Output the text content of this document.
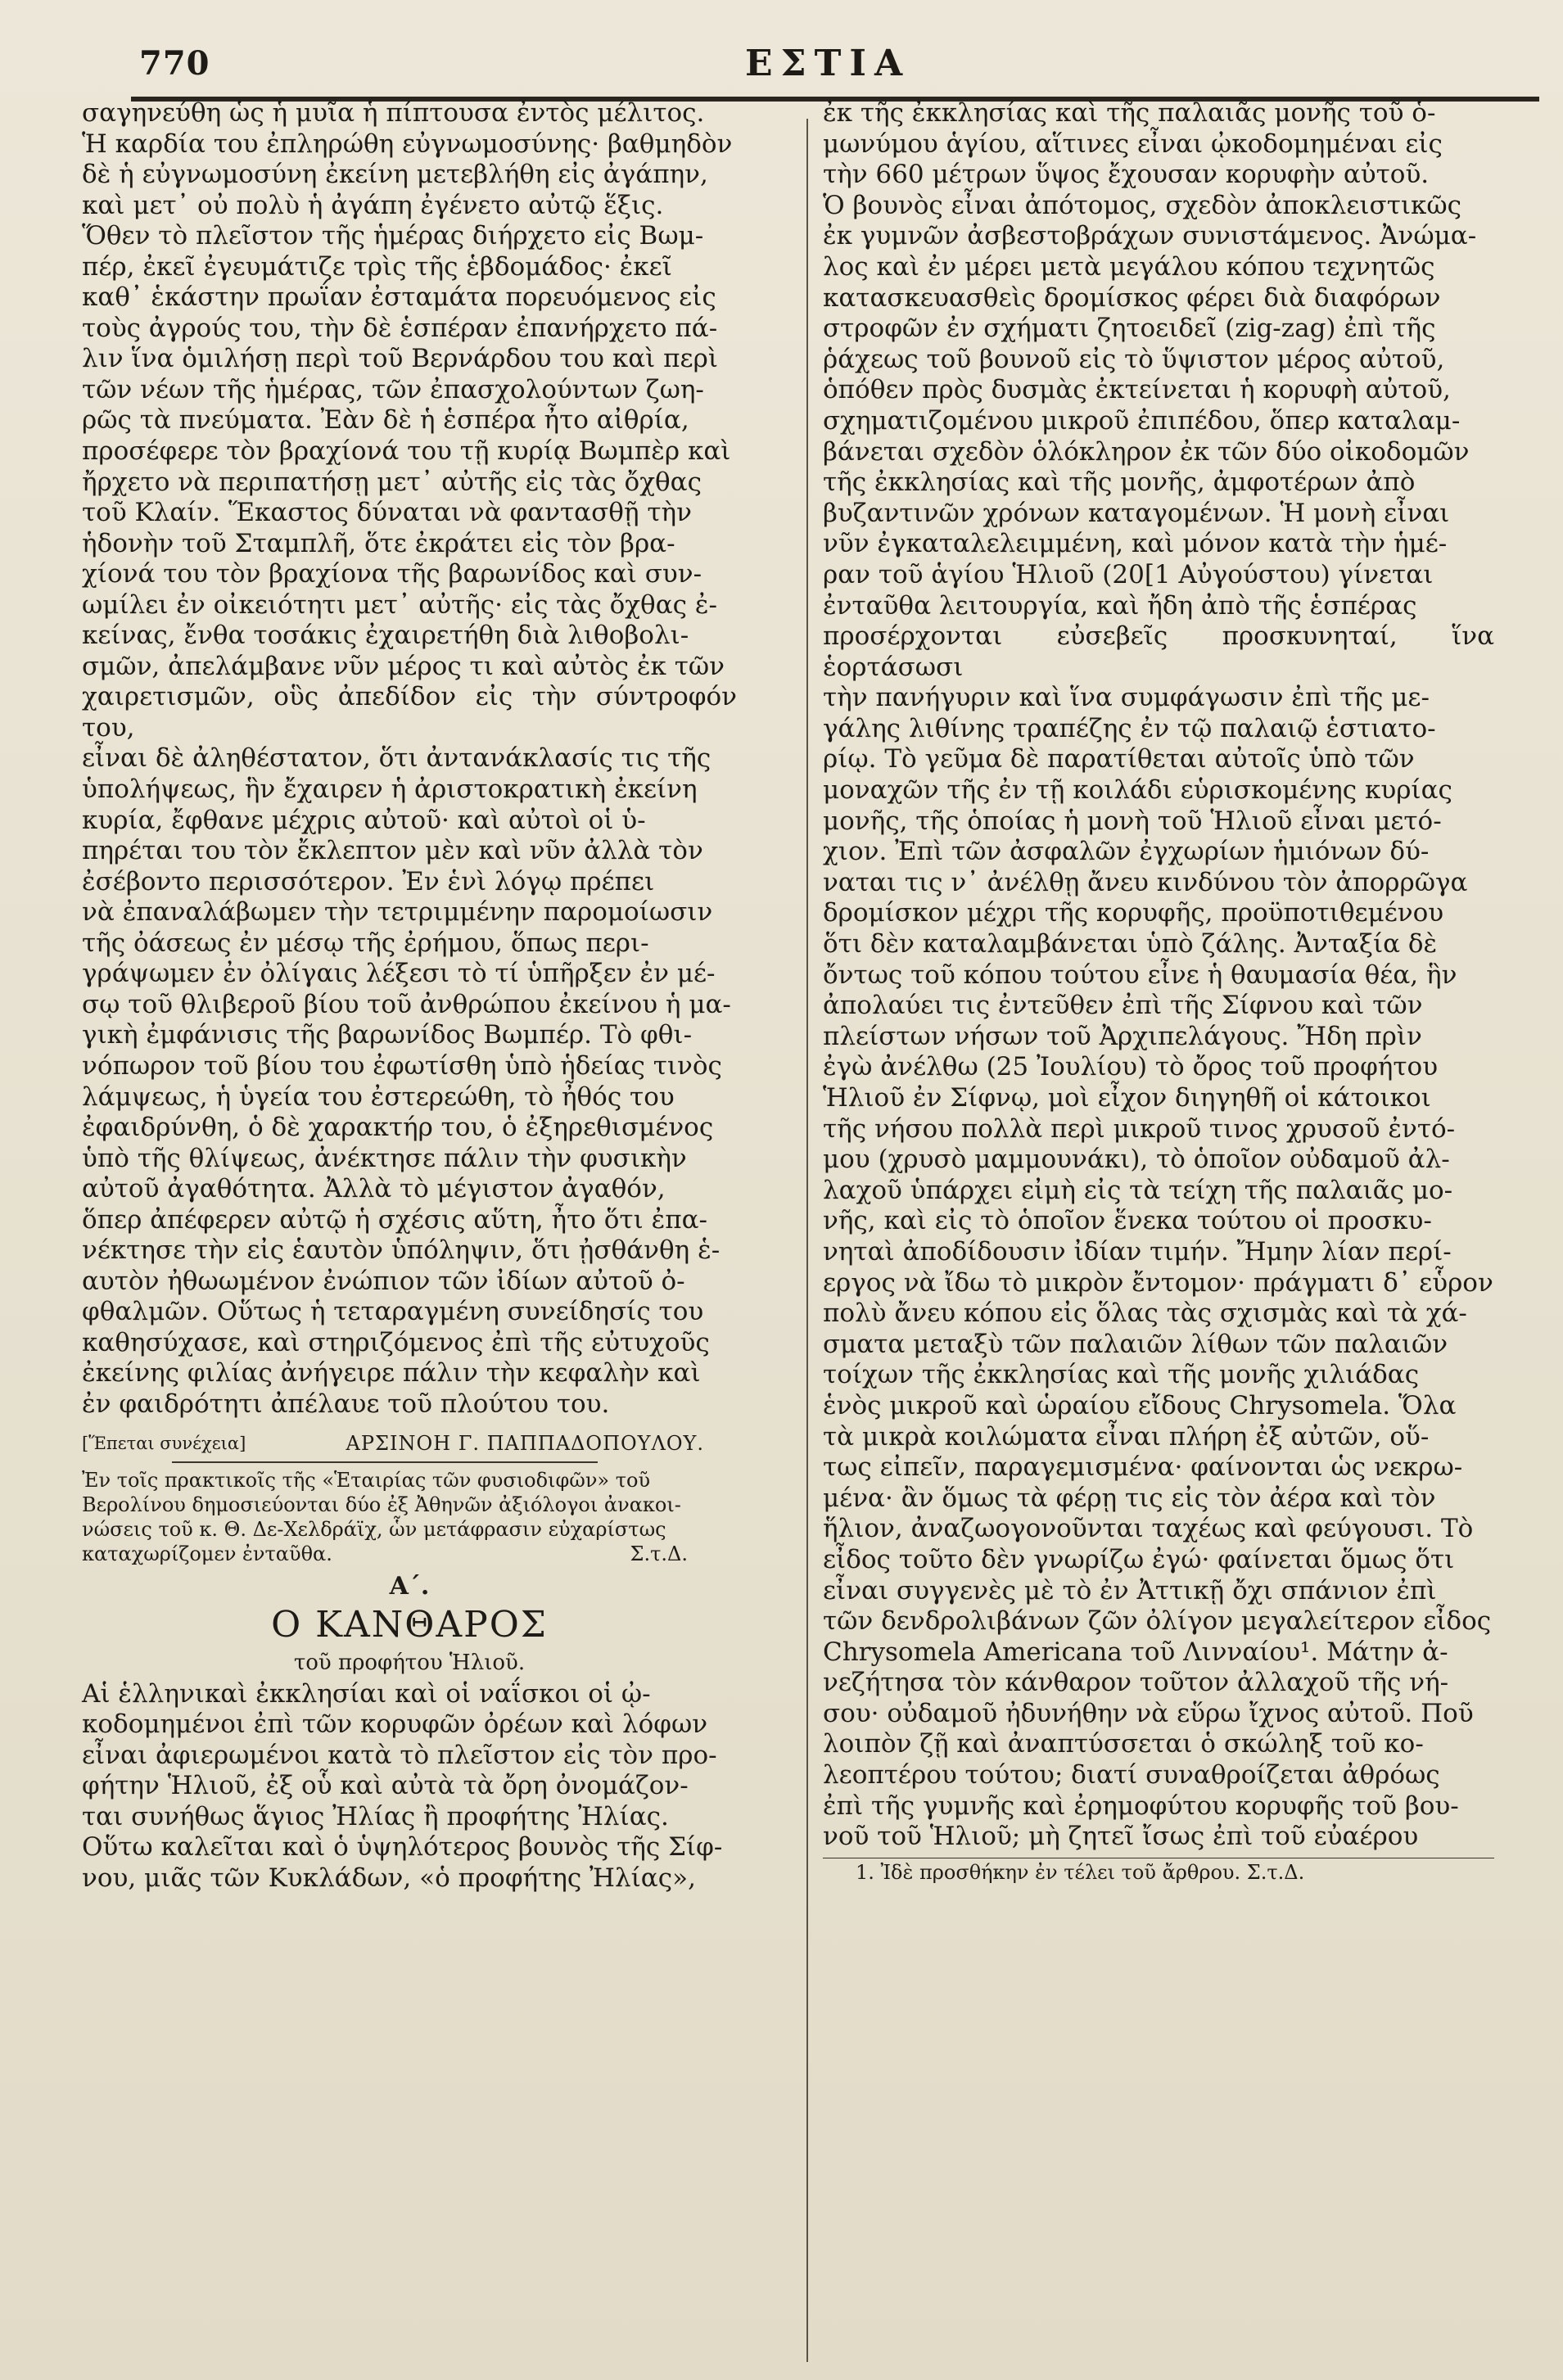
770	ΕΣΤΙΑ

σαγηνεύθη ὡς ἡ μυῖα ἡ πίπτουσα ἐντὸς μέλιτος.

Ἡ καρδία του ἐπληρώθη εὐγνωμοσύνης· βαθμηδὸν

δὲ ἡ εὐγνωμοσύνη ἐκείνη μετεβλήθη εἰς ἀγάπην,

καὶ μετ᾽ οὐ πολὺ ἡ ἀγάπη ἐγένετο αὐτῷ ἕξις.

Ὅθεν τὸ πλεῖστον τῆς ἡμέρας διήρχετο εἰς Βωμ-

πέρ, ἐκεῖ ἐγευμάτιζε τρὶς τῆς ἑβδομάδος· ἐκεῖ

καθ᾽ ἑκάστην πρωΐαν ἐσταμάτα πορευόμενος εἰς

τοὺς ἀγρούς του, τὴν δὲ ἑσπέραν ἐπανήρχετο πά-

λιν ἵνα ὁμιλήσῃ περὶ τοῦ Βερνάρδου του καὶ περὶ

τῶν νέων τῆς ἡμέρας, τῶν ἐπασχολούντων ζωη-

ρῶς τὰ πνεύματα. Ἐὰν δὲ ἡ ἑσπέρα ἦτο αἰθρία,

προσέφερε τὸν βραχίονά του τῇ κυρίᾳ Βωμπὲρ καὶ

ἤρχετο νὰ περιπατήσῃ μετ᾽ αὐτῆς εἰς τὰς ὄχθας

τοῦ Κλαίν. Ἕκαστος δύναται νὰ φαντασθῇ τὴν

ἡδονὴν τοῦ Σταμπλῆ, ὅτε ἐκράτει εἰς τὸν βρα-

χίονά του τὸν βραχίονα τῆς βαρωνίδος καὶ συν-

ωμίλει ἐν οἰκειότητι μετ᾽ αὐτῆς· εἰς τὰς ὄχθας ἐ-

κείνας, ἔνθα τοσάκις ἐχαιρετήθη διὰ λιθοβολι-

σμῶν, ἀπελάμβανε νῦν μέρος τι καὶ αὐτὸς ἐκ τῶν

χαιρετισμῶν, οὓς ἀπεδίδον εἰς τὴν σύντροφόν του,

εἶναι δὲ ἀληθέστατον, ὅτι ἀντανάκλασίς τις τῆς

ὑπολήψεως, ἣν ἔχαιρεν ἡ ἀριστοκρατικὴ ἐκείνη

κυρία, ἔφθανε μέχρις αὐτοῦ· καὶ αὐτοὶ οἱ ὑ-

πηρέται του τὸν ἔκλεπτον μὲν καὶ νῦν ἀλλὰ τὸν

ἐσέβοντο περισσότερον. Ἐν ἑνὶ λόγῳ πρέπει

νὰ ἐπαναλάβωμεν τὴν τετριμμένην παρομοίωσιν

τῆς ὀάσεως ἐν μέσῳ τῆς ἐρήμου, ὅπως περι-

γράψωμεν ἐν ὀλίγαις λέξεσι τὸ τί ὑπῆρξεν ἐν μέ-

σῳ τοῦ θλιβεροῦ βίου τοῦ ἀνθρώπου ἐκείνου ἡ μα-

γικὴ ἐμφάνισις τῆς βαρωνίδος Βωμπέρ. Τὸ φθι-

νόπωρον τοῦ βίου του ἐφωτίσθη ὑπὸ ἡδείας τινὸς

λάμψεως, ἡ ὑγεία του ἐστερεώθη, τὸ ἦθός του

ἐφαιδρύνθη, ὁ δὲ χαρακτήρ του, ὁ ἐξηρεθισμένος

ὑπὸ τῆς θλίψεως, ἀνέκτησε πάλιν τὴν φυσικὴν

αὐτοῦ ἀγαθότητα. Ἀλλὰ τὸ μέγιστον ἀγαθόν,

ὅπερ ἀπέφερεν αὐτῷ ἡ σχέσις αὕτη, ἦτο ὅτι ἐπα-

νέκτησε τὴν εἰς ἑαυτὸν ὑπόληψιν, ὅτι ᾐσθάνθη ἑ-

αυτὸν ἠθωωμένον ἐνώπιον τῶν ἰδίων αὐτοῦ ὀ-

φθαλμῶν. Οὕτως ἡ τεταραγμένη συνείδησίς του

καθησύχασε, καὶ στηριζόμενος ἐπὶ τῆς εὐτυχοῦς

ἐκείνης φιλίας ἀνήγειρε πάλιν τὴν κεφαλὴν καὶ

ἐν φαιδρότητι ἀπέλαυε τοῦ πλούτου του.

[Ἕπεται συνέχεια]	ΑΡΣΙΝΟΗ Γ. ΠΑΠΠΑΔΟΠΟΥΛΟΥ.

Ἐν τοῖς πρακτικοῖς τῆς «Ἑταιρίας τῶν φυσιοδιφῶν» τοῦ

Βερολίνου δημοσιεύονται δύο ἐξ Ἀθηνῶν ἀξιόλογοι ἀνακοι-

νώσεις τοῦ κ. Θ. Δε-Χελδράϊχ, ὧν μετάφρασιν εὐχαρίστως

καταχωρίζομεν ἐνταῦθα.	Σ.τ.Δ.

Α´.
Ο ΚΑΝΘΑΡΟΣ
τοῦ προφήτου Ἡλιοῦ.

Αἱ ἑλληνικαὶ ἐκκλησίαι καὶ οἱ ναΐσκοι οἱ ᾠ-

κοδομημένοι ἐπὶ τῶν κορυφῶν ὀρέων καὶ λόφων

εἶναι ἀφιερωμένοι κατὰ τὸ πλεῖστον εἰς τὸν προ-

φήτην Ἡλιοῦ, ἐξ οὗ καὶ αὐτὰ τὰ ὄρη ὀνομάζον-

ται συνήθως ἅγιος Ἠλίας ἢ προφήτης Ἠλίας.

Οὕτω καλεῖται καὶ ὁ ὑψηλότερος βουνὸς τῆς Σίφ-

νου, μιᾶς τῶν Κυκλάδων, «ὁ προφήτης Ἠλίας»,

ἐκ τῆς ἐκκλησίας καὶ τῆς παλαιᾶς μονῆς τοῦ ὁ-

μωνύμου ἁγίου, αἵτινες εἶναι ᾠκοδομημέναι εἰς

τὴν 660 μέτρων ὕψος ἔχουσαν κορυφὴν αὐτοῦ.

Ὁ βουνὸς εἶναι ἀπότομος, σχεδὸν ἀποκλειστικῶς

ἐκ γυμνῶν ἀσβεστοβράχων συνιστάμενος. Ἀνώμα-

λος καὶ ἐν μέρει μετὰ μεγάλου κόπου τεχνητῶς

κατασκευασθεὶς δρομίσκος φέρει διὰ διαφόρων

στροφῶν ἐν σχήματι ζητοειδεῖ (zig-zag) ἐπὶ τῆς

ῥάχεως τοῦ βουνοῦ εἰς τὸ ὕψιστον μέρος αὐτοῦ,

ὁπόθεν πρὸς δυσμὰς ἐκτείνεται ἡ κορυφὴ αὐτοῦ,

σχηματιζομένου μικροῦ ἐπιπέδου, ὅπερ καταλαμ-

βάνεται σχεδὸν ὁλόκληρον ἐκ τῶν δύο οἰκοδομῶν

τῆς ἐκκλησίας καὶ τῆς μονῆς, ἀμφοτέρων ἀπὸ

βυζαντινῶν χρόνων καταγομένων. Ἡ μονὴ εἶναι

νῦν ἐγκαταλελειμμένη, καὶ μόνον κατὰ τὴν ἡμέ-

ραν τοῦ ἁγίου Ἡλιοῦ (20[1 Αὐγούστου) γίνεται

ἐνταῦθα λειτουργία, καὶ ἤδη ἀπὸ τῆς ἑσπέρας

προσέρχονται εὐσεβεῖς προσκυνηταί, ἵνα ἑορτάσωσι

τὴν πανήγυριν καὶ ἵνα συμφάγωσιν ἐπὶ τῆς με-

γάλης λιθίνης τραπέζης ἐν τῷ παλαιῷ ἑστιατο-

ρίῳ. Τὸ γεῦμα δὲ παρατίθεται αὐτοῖς ὑπὸ τῶν

μοναχῶν τῆς ἐν τῇ κοιλάδι εὑρισκομένης κυρίας

μονῆς, τῆς ὁποίας ἡ μονὴ τοῦ Ἡλιοῦ εἶναι μετό-

χιον. Ἐπὶ τῶν ἀσφαλῶν ἐγχωρίων ἡμιόνων δύ-

ναται τις ν᾽ ἀνέλθῃ ἄνευ κινδύνου τὸν ἀπορρῶγα

δρομίσκον μέχρι τῆς κορυφῆς, προϋποτιθεμένου

ὅτι δὲν καταλαμβάνεται ὑπὸ ζάλης. Ἀνταξία δὲ

ὄντως τοῦ κόπου τούτου εἶνε ἡ θαυμασία θέα, ἣν

ἀπολαύει τις ἐντεῦθεν ἐπὶ τῆς Σίφνου καὶ τῶν

πλείστων νήσων τοῦ Ἀρχιπελάγους. Ἤδη πρὶν

ἐγὼ ἀνέλθω (25 Ἰουλίου) τὸ ὄρος τοῦ προφήτου

Ἡλιοῦ ἐν Σίφνῳ, μοὶ εἶχον διηγηθῆ οἱ κάτοικοι

τῆς νήσου πολλὰ περὶ μικροῦ τινος χρυσοῦ ἐντό-

μου (χρυσὸ μαμμουνάκι), τὸ ὁποῖον οὐδαμοῦ ἀλ-

λαχοῦ ὑπάρχει εἰμὴ εἰς τὰ τείχη τῆς παλαιᾶς μο-

νῆς, καὶ εἰς τὸ ὁποῖον ἕνεκα τούτου οἱ προσκυ-

νηταὶ ἀποδίδουσιν ἰδίαν τιμήν. Ἤμην λίαν περί-

εργος νὰ ἴδω τὸ μικρὸν ἔντομον· πράγματι δ᾽ εὗρον

πολὺ ἄνευ κόπου εἰς ὅλας τὰς σχισμὰς καὶ τὰ χά-

σματα μεταξὺ τῶν παλαιῶν λίθων τῶν παλαιῶν

τοίχων τῆς ἐκκλησίας καὶ τῆς μονῆς χιλιάδας

ἑνὸς μικροῦ καὶ ὡραίου εἴδους Chrysomela. Ὅλα

τὰ μικρὰ κοιλώματα εἶναι πλήρη ἐξ αὐτῶν, οὕ-

τως εἰπεῖν, παραγεμισμένα· φαίνονται ὡς νεκρω-

μένα· ἂν ὅμως τὰ φέρῃ τις εἰς τὸν ἀέρα καὶ τὸν

ἥλιον, ἀναζωογονοῦνται ταχέως καὶ φεύγουσι. Τὸ

εἶδος τοῦτο δὲν γνωρίζω ἐγώ· φαίνεται ὅμως ὅτι

εἶναι συγγενὲς μὲ τὸ ἐν Ἀττικῇ ὄχι σπάνιον ἐπὶ

τῶν δενδρολιβάνων ζῶν ὀλίγον μεγαλείτερον εἶδος

Chrysomela Americana τοῦ Λινναίου¹. Μάτην ἀ-

νεζήτησα τὸν κάνθαρον τοῦτον ἀλλαχοῦ τῆς νή-

σου· οὐδαμοῦ ἠδυνήθην νὰ εὕρω ἴχνος αὐτοῦ. Ποῦ

λοιπὸν ζῇ καὶ ἀναπτύσσεται ὁ σκώληξ τοῦ κο-

λεοπτέρου τούτου; διατί συναθροίζεται ἀθρόως

ἐπὶ τῆς γυμνῆς καὶ ἐρημοφύτου κορυφῆς τοῦ βου-

νοῦ τοῦ Ἡλιοῦ; μὴ ζητεῖ ἴσως ἐπὶ τοῦ εὐαέρου

1. Ἰδὲ προσθήκην ἐν τέλει τοῦ ἄρθρου. Σ.τ.Δ.
